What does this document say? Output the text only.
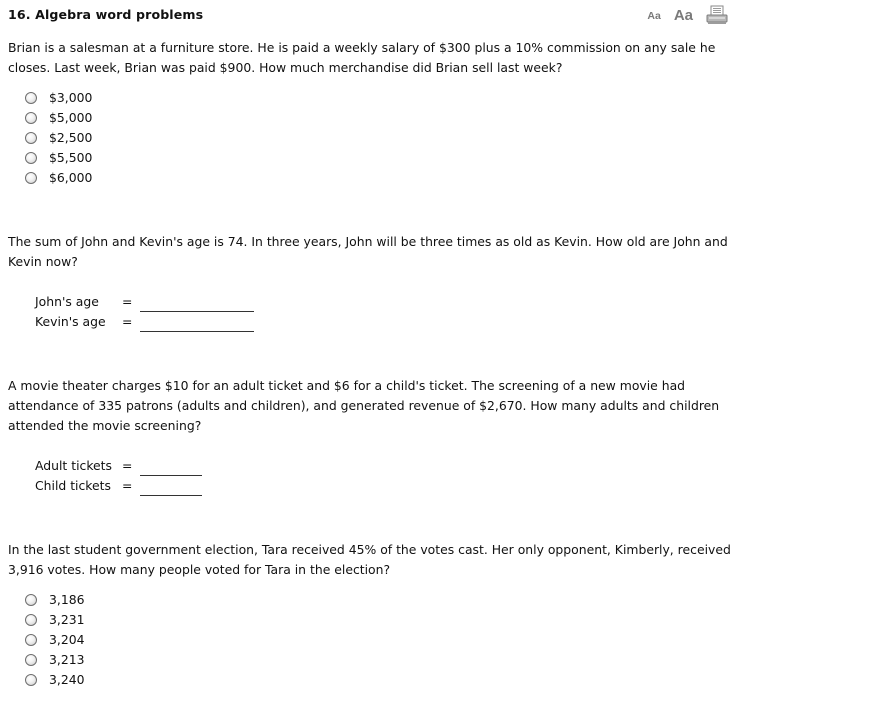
16. Algebra word problems	Aa Aa

Brian is a salesman at a furniture store. He is paid a weekly salary of $300 plus a 10% commission on any sale he closes. Last week, Brian was paid $900. How much merchandise did Brian sell last week?

$3,000
$5,000
$2,500
$5,500
$6,000

The sum of John and Kevin's age is 74. In three years, John will be three times as old as Kevin. How old are John and Kevin now?

John's age	=
Kevin's age	=

A movie theater charges $10 for an adult ticket and $6 for a child's ticket. The screening of a new movie had attendance of 335 patrons (adults and children), and generated revenue of $2,670. How many adults and children attended the movie screening?

Adult tickets =
Child tickets =

In the last student government election, Tara received 45% of the votes cast. Her only opponent, Kimberly, received 3,916 votes. How many people voted for Tara in the election?

3,186
3,231
3,204
3,213
3,240
